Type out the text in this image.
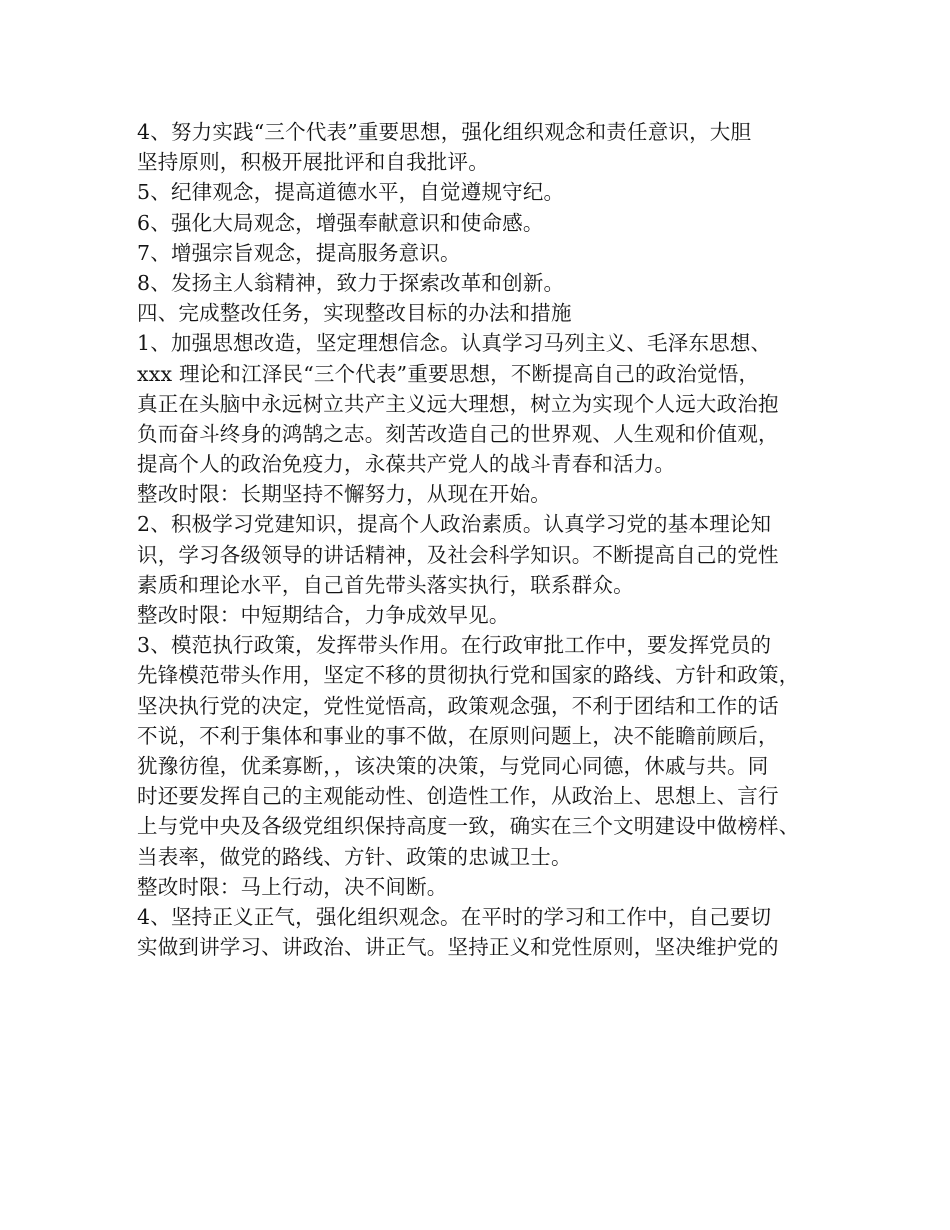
4、努力实践“三个代表”重要思想，强化组织观念和责任意识，大胆
坚持原则，积极开展批评和自我批评。
5、纪律观念，提高道德水平，自觉遵规守纪。
6、强化大局观念，增强奉献意识和使命感。
7、增强宗旨观念，提高服务意识。
8、发扬主人翁精神，致力于探索改革和创新。
四、完成整改任务，实现整改目标的办法和措施
1、加强思想改造，坚定理想信念。认真学习马列主义、毛泽东思想、
xxx 理论和江泽民“三个代表”重要思想，不断提高自己的政治觉悟，
真正在头脑中永远树立共产主义远大理想，树立为实现个人远大政治抱
负而奋斗终身的鸿鹄之志。刻苦改造自己的世界观、人生观和价值观，
提高个人的政治免疫力，永葆共产党人的战斗青春和活力。
整改时限：长期坚持不懈努力，从现在开始。
2、积极学习党建知识，提高个人政治素质。认真学习党的基本理论知
识，学习各级领导的讲话精神，及社会科学知识。不断提高自己的党性
素质和理论水平，自己首先带头落实执行，联系群众。
整改时限：中短期结合，力争成效早见。
3、模范执行政策，发挥带头作用。在行政审批工作中，要发挥党员的
先锋模范带头作用，坚定不移的贯彻执行党和国家的路线、方针和政策，
坚决执行党的决定，党性觉悟高，政策观念强，不利于团结和工作的话
不说，不利于集体和事业的事不做，在原则问题上，决不能瞻前顾后，
犹豫彷徨，优柔寡断，，该决策的决策，与党同心同德，休戚与共。同
时还要发挥自己的主观能动性、创造性工作，从政治上、思想上、言行
上与党中央及各级党组织保持高度一致，确实在三个文明建设中做榜样、
当表率，做党的路线、方针、政策的忠诚卫士。
整改时限：马上行动，决不间断。
4、坚持正义正气，强化组织观念。在平时的学习和工作中，自己要切
实做到讲学习、讲政治、讲正气。坚持正义和党性原则，坚决维护党的
